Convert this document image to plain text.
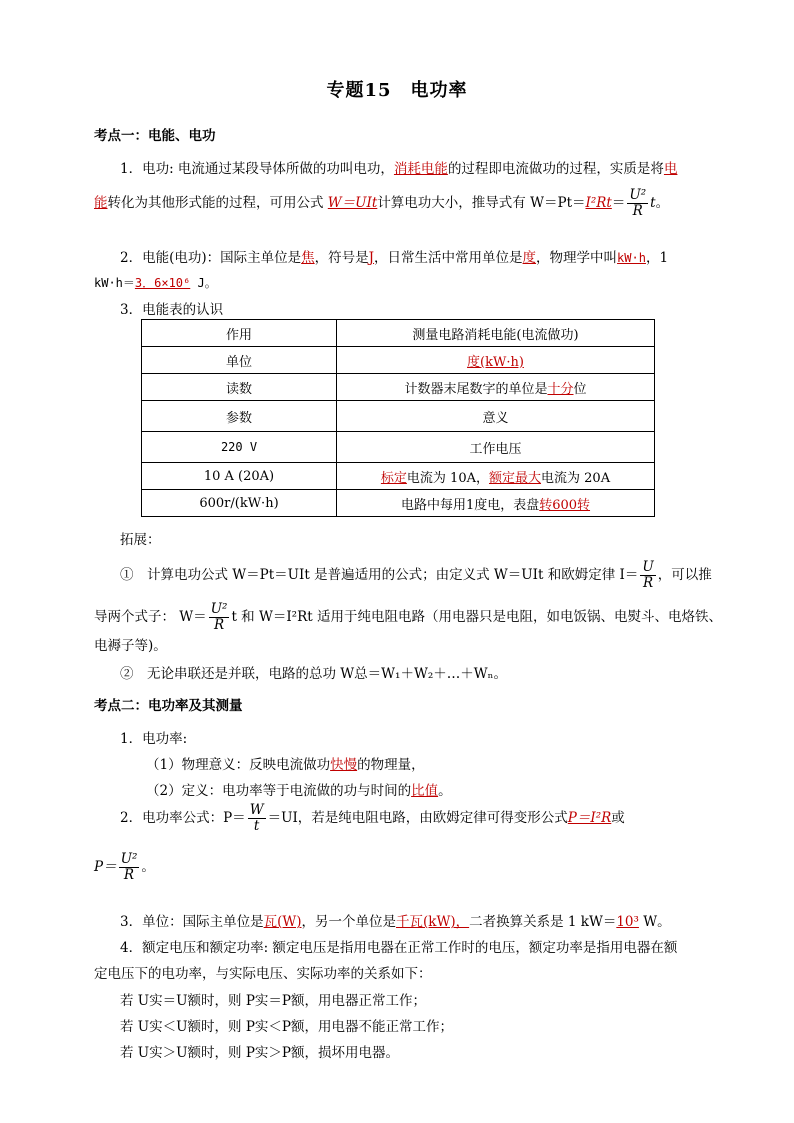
专题15　电功率
考点一：电能、电功
1．电功: 电流通过某段导体所做的功叫电功，消耗电能的过程即电流做功的过程，实质是将电
能转化为其他形式能的过程，可用公式 W＝UIt计算电功大小，推导式有 $W=Pt=I^2Rt= \frac{\text{U²}}{R}$ t。
2．电能(电功)：国际主单位是焦，符号是J，日常生活中常用单位是度，物理学中叫kW·h，1
kW·h＝3．6×10⁶ J。
3．电能表的认识
作用	测量电路消耗电能(电流做功)
单位	度(kW·h)
读数	计数器末尾数字的单位是十分位
参数	意义
220 V	工作电压
10 A (20A)	标定电流为 10A，额定最大电流为 20A
600r/(kW·h)	电路中每用1度电，表盘转600转
拓展：
①　计算电功公式 W＝Pt＝UIt 是普遍适用的公式；由定义式 W＝UIt 和欧姆定律 $I= \frac{U}{R}$ ，可以推
导两个式子： $W= \frac{\text{U²}}{R}$ t 和 W＝I²Rt 适用于纯电阻电路（用电器只是电阻，如电饭锅、电熨斗、电烙铁、
电褥子等)。
②　无论串联还是并联，电路的总功 W总＝W₁＋W₂＋…＋Wₙ。
考点二：电功率及其测量
1．电功率:
（1）物理意义：反映电流做功快慢的物理量，
（2）定义：电功率等于电流做的功与时间的比值。
2．电功率公式：$P= \frac{W}{t} =UI$，若是纯电阻电路，由欧姆定律可得变形公式P＝I²R或
$P= \frac{\text{U²}}{R}$ 。
3．单位：国际主单位是瓦(W)，另一个单位是千瓦(kW)，二者换算关系是 1 kW＝10³ W。
4．额定电压和额定功率: 额定电压是指用电器在正常工作时的电压，额定功率是指用电器在额
定电压下的电功率，与实际电压、实际功率的关系如下：
若 U实＝U额时，则 P实＝P额，用电器正常工作；
若 U实＜U额时，则 P实＜P额，用电器不能正常工作；
若 U实＞U额时，则 P实＞P额，损坏用电器。
